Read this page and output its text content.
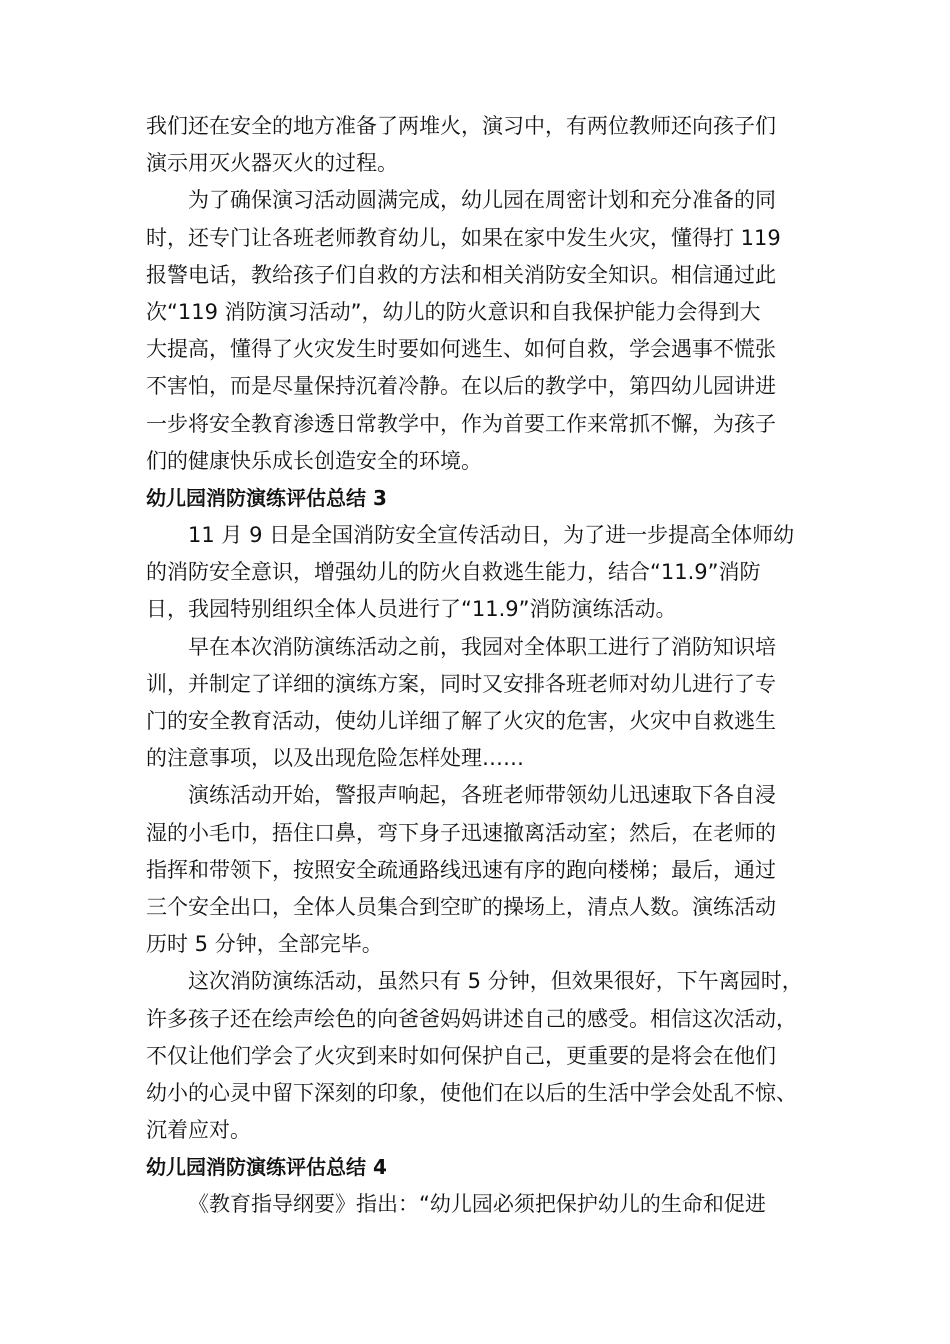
我们还在安全的地方准备了两堆火，演习中，有两位教师还向孩子们
演示用灭火器灭火的过程。
为了确保演习活动圆满完成，幼儿园在周密计划和充分准备的同
时，还专门让各班老师教育幼儿，如果在家中发生火灾，懂得打 119
报警电话，教给孩子们自救的方法和相关消防安全知识。相信通过此
次“119 消防演习活动”，幼儿的防火意识和自我保护能力会得到大
大提高，懂得了火灾发生时要如何逃生、如何自救，学会遇事不慌张
不害怕，而是尽量保持沉着冷静。在以后的教学中，第四幼儿园讲进
一步将安全教育渗透日常教学中，作为首要工作来常抓不懈，为孩子
们的健康快乐成长创造安全的环境。
幼儿园消防演练评估总结 3
11 月 9 日是全国消防安全宣传活动日，为了进一步提高全体师幼
的消防安全意识，增强幼儿的防火自救逃生能力，结合“11.9”消防
日，我园特别组织全体人员进行了“11.9”消防演练活动。
早在本次消防演练活动之前，我园对全体职工进行了消防知识培
训，并制定了详细的演练方案，同时又安排各班老师对幼儿进行了专
门的安全教育活动，使幼儿详细了解了火灾的危害，火灾中自救逃生
的注意事项，以及出现危险怎样处理……
演练活动开始，警报声响起，各班老师带领幼儿迅速取下各自浸
湿的小毛巾，捂住口鼻，弯下身子迅速撤离活动室；然后，在老师的
指挥和带领下，按照安全疏通路线迅速有序的跑向楼梯；最后，通过
三个安全出口，全体人员集合到空旷的操场上，清点人数。演练活动
历时 5 分钟，全部完毕。
这次消防演练活动，虽然只有 5 分钟，但效果很好，下午离园时，
许多孩子还在绘声绘色的向爸爸妈妈讲述自己的感受。相信这次活动，
不仅让他们学会了火灾到来时如何保护自己，更重要的是将会在他们
幼小的心灵中留下深刻的印象，使他们在以后的生活中学会处乱不惊、
沉着应对。
幼儿园消防演练评估总结 4
《教育指导纲要》指出：“幼儿园必须把保护幼儿的生命和促进
